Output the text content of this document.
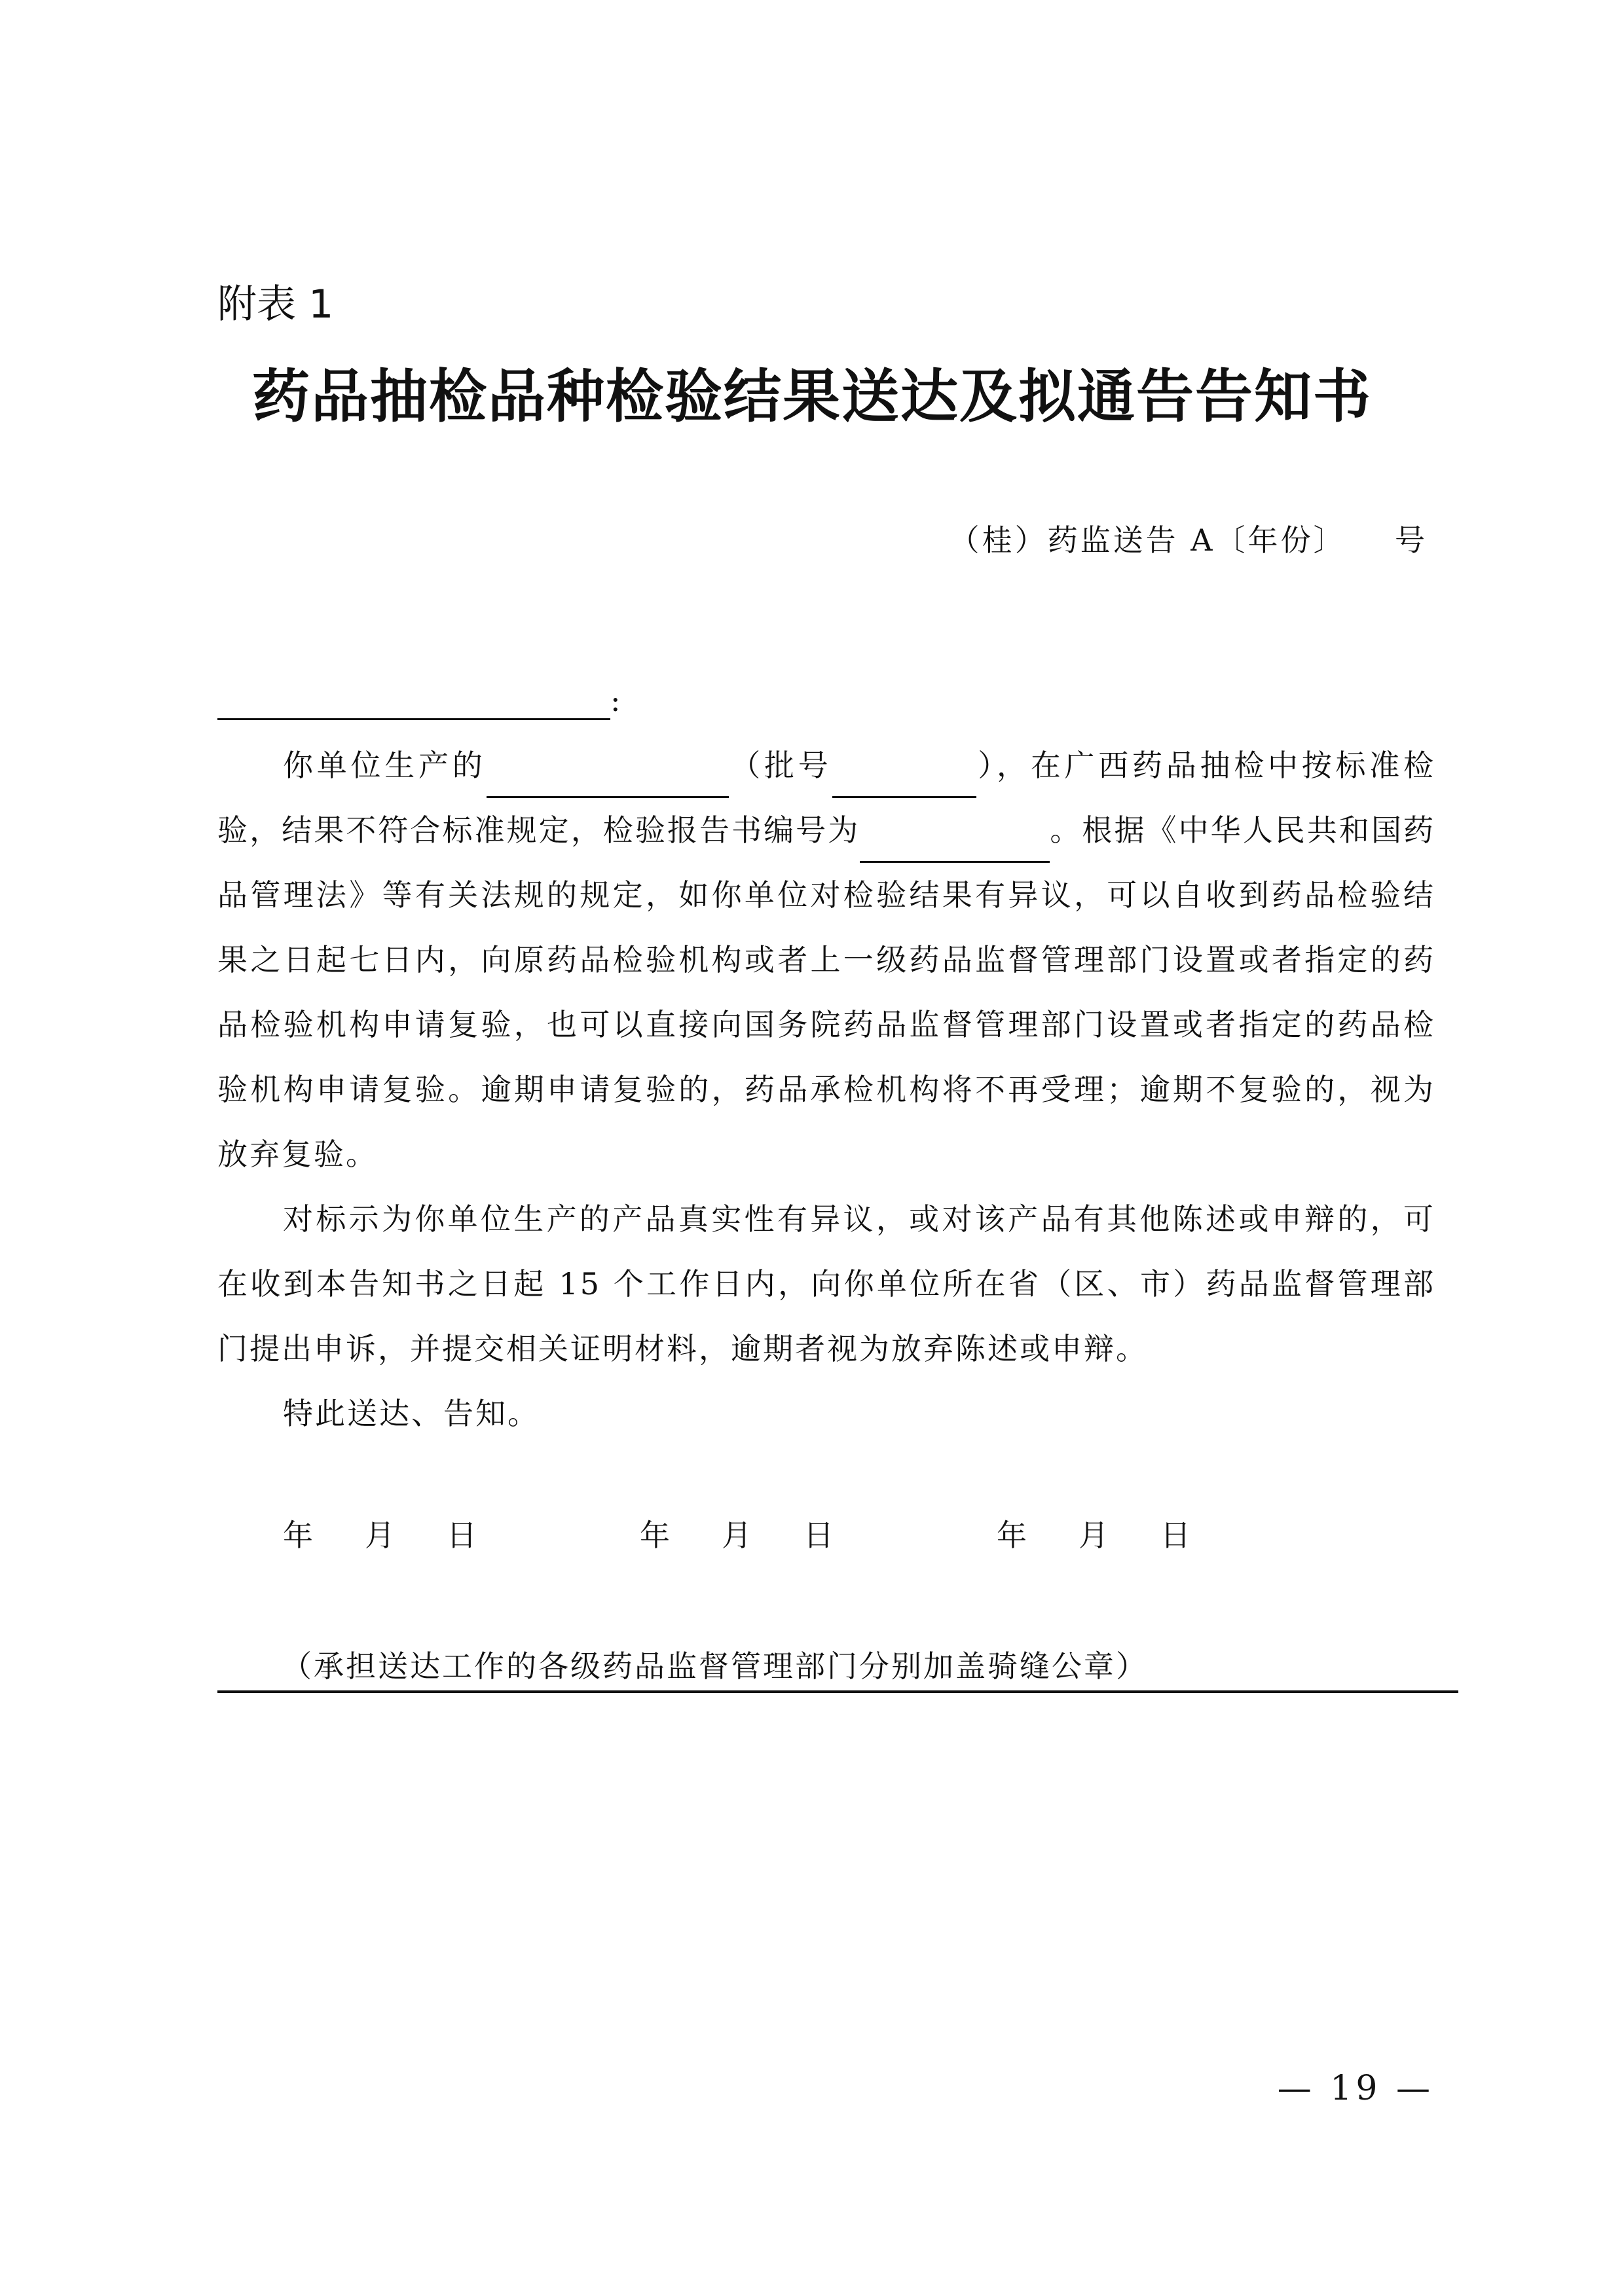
附表 1
药品抽检品种检验结果送达及拟通告告知书
（桂）药监送告 A〔年份〕    号
:

你单位生产的	（批号	），在广西药品抽检中按标准检验，结果不符合标准规定，检验报告书编号为	。根据《中华人民共和国药品管理法》等有关法规的规定，如你单位对检验结果有异议，可以自收到药品检验结果之日起七日内，向原药品检验机构或者上一级药品监督管理部门设置或者指定的药品检验机构申请复验，也可以直接向国务院药品监督管理部门设置或者指定的药品检验机构申请复验。逾期申请复验的，药品承检机构将不再受理；逾期不复验的，视为放弃复验。

对标示为你单位生产的产品真实性有异议，或对该产品有其他陈述或申辩的，可在收到本告知书之日起 15 个工作日内，向你单位所在省（区、市）药品监督管理部门提出申诉，并提交相关证明材料，逾期者视为放弃陈述或申辩。

特此送达、告知。

年	月	日	年	月	日	年	月	日
（承担送达工作的各级药品监督管理部门分别加盖骑缝公章）
— 19 —
